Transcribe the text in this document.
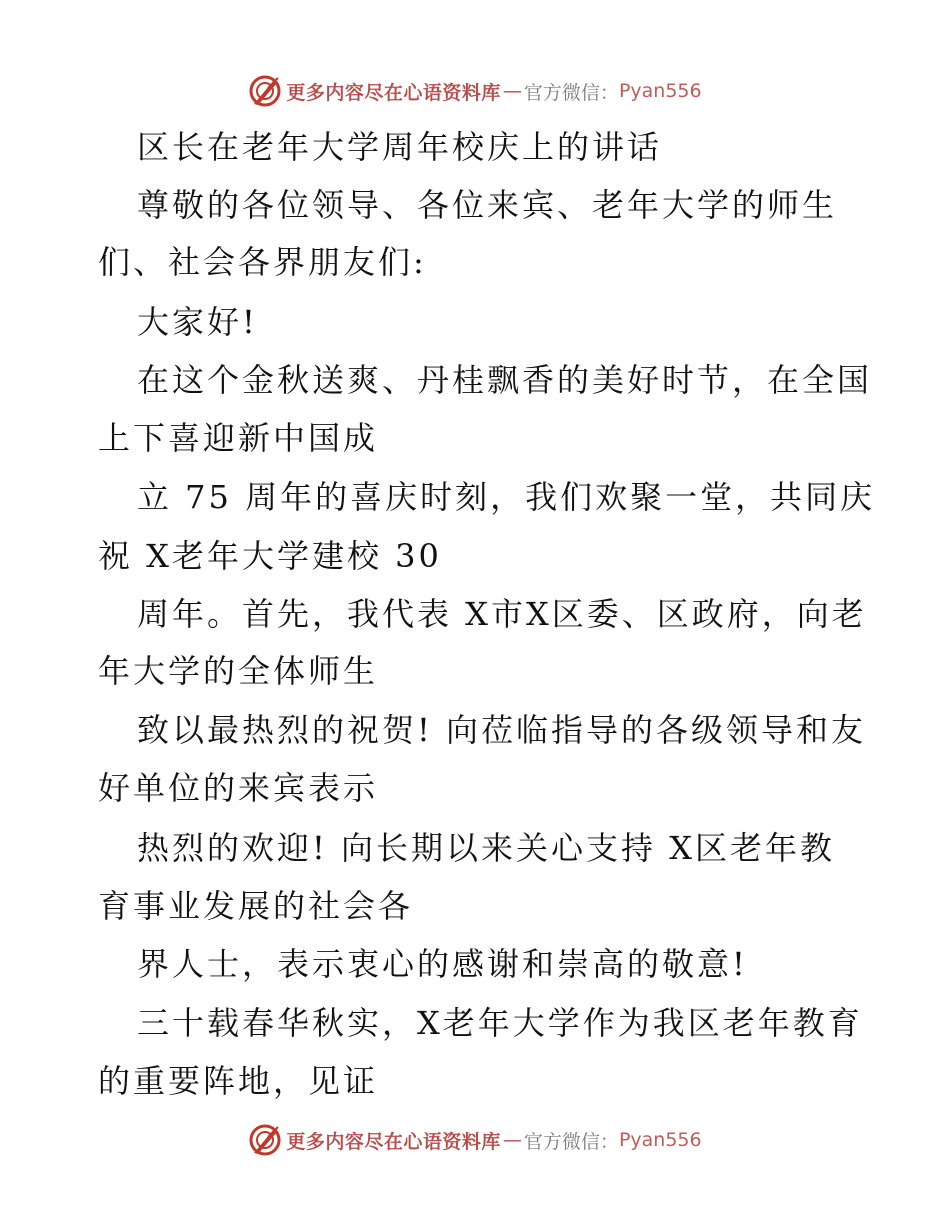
更多内容尽在心语资料库 — 官方微信： Pyan556
区长在老年大学周年校庆上的讲话
尊敬的各位领导、各位来宾、老年大学的师生
们、社会各界朋友们:
大家好!
在这个金秋送爽、丹桂飘香的美好时节，在全国
上下喜迎新中国成
立 75 周年的喜庆时刻，我们欢聚一堂，共同庆
祝 X老年大学建校 30
周年。首先，我代表 X市X区委、区政府，向老
年大学的全体师生
致以最热烈的祝贺! 向莅临指导的各级领导和友
好单位的来宾表示
热烈的欢迎! 向长期以来关心支持 X区老年教
育事业发展的社会各
界人士，表示衷心的感谢和崇高的敬意!
三十载春华秋实，X老年大学作为我区老年教育
的重要阵地，见证
更多内容尽在心语资料库 — 官方微信： Pyan556
